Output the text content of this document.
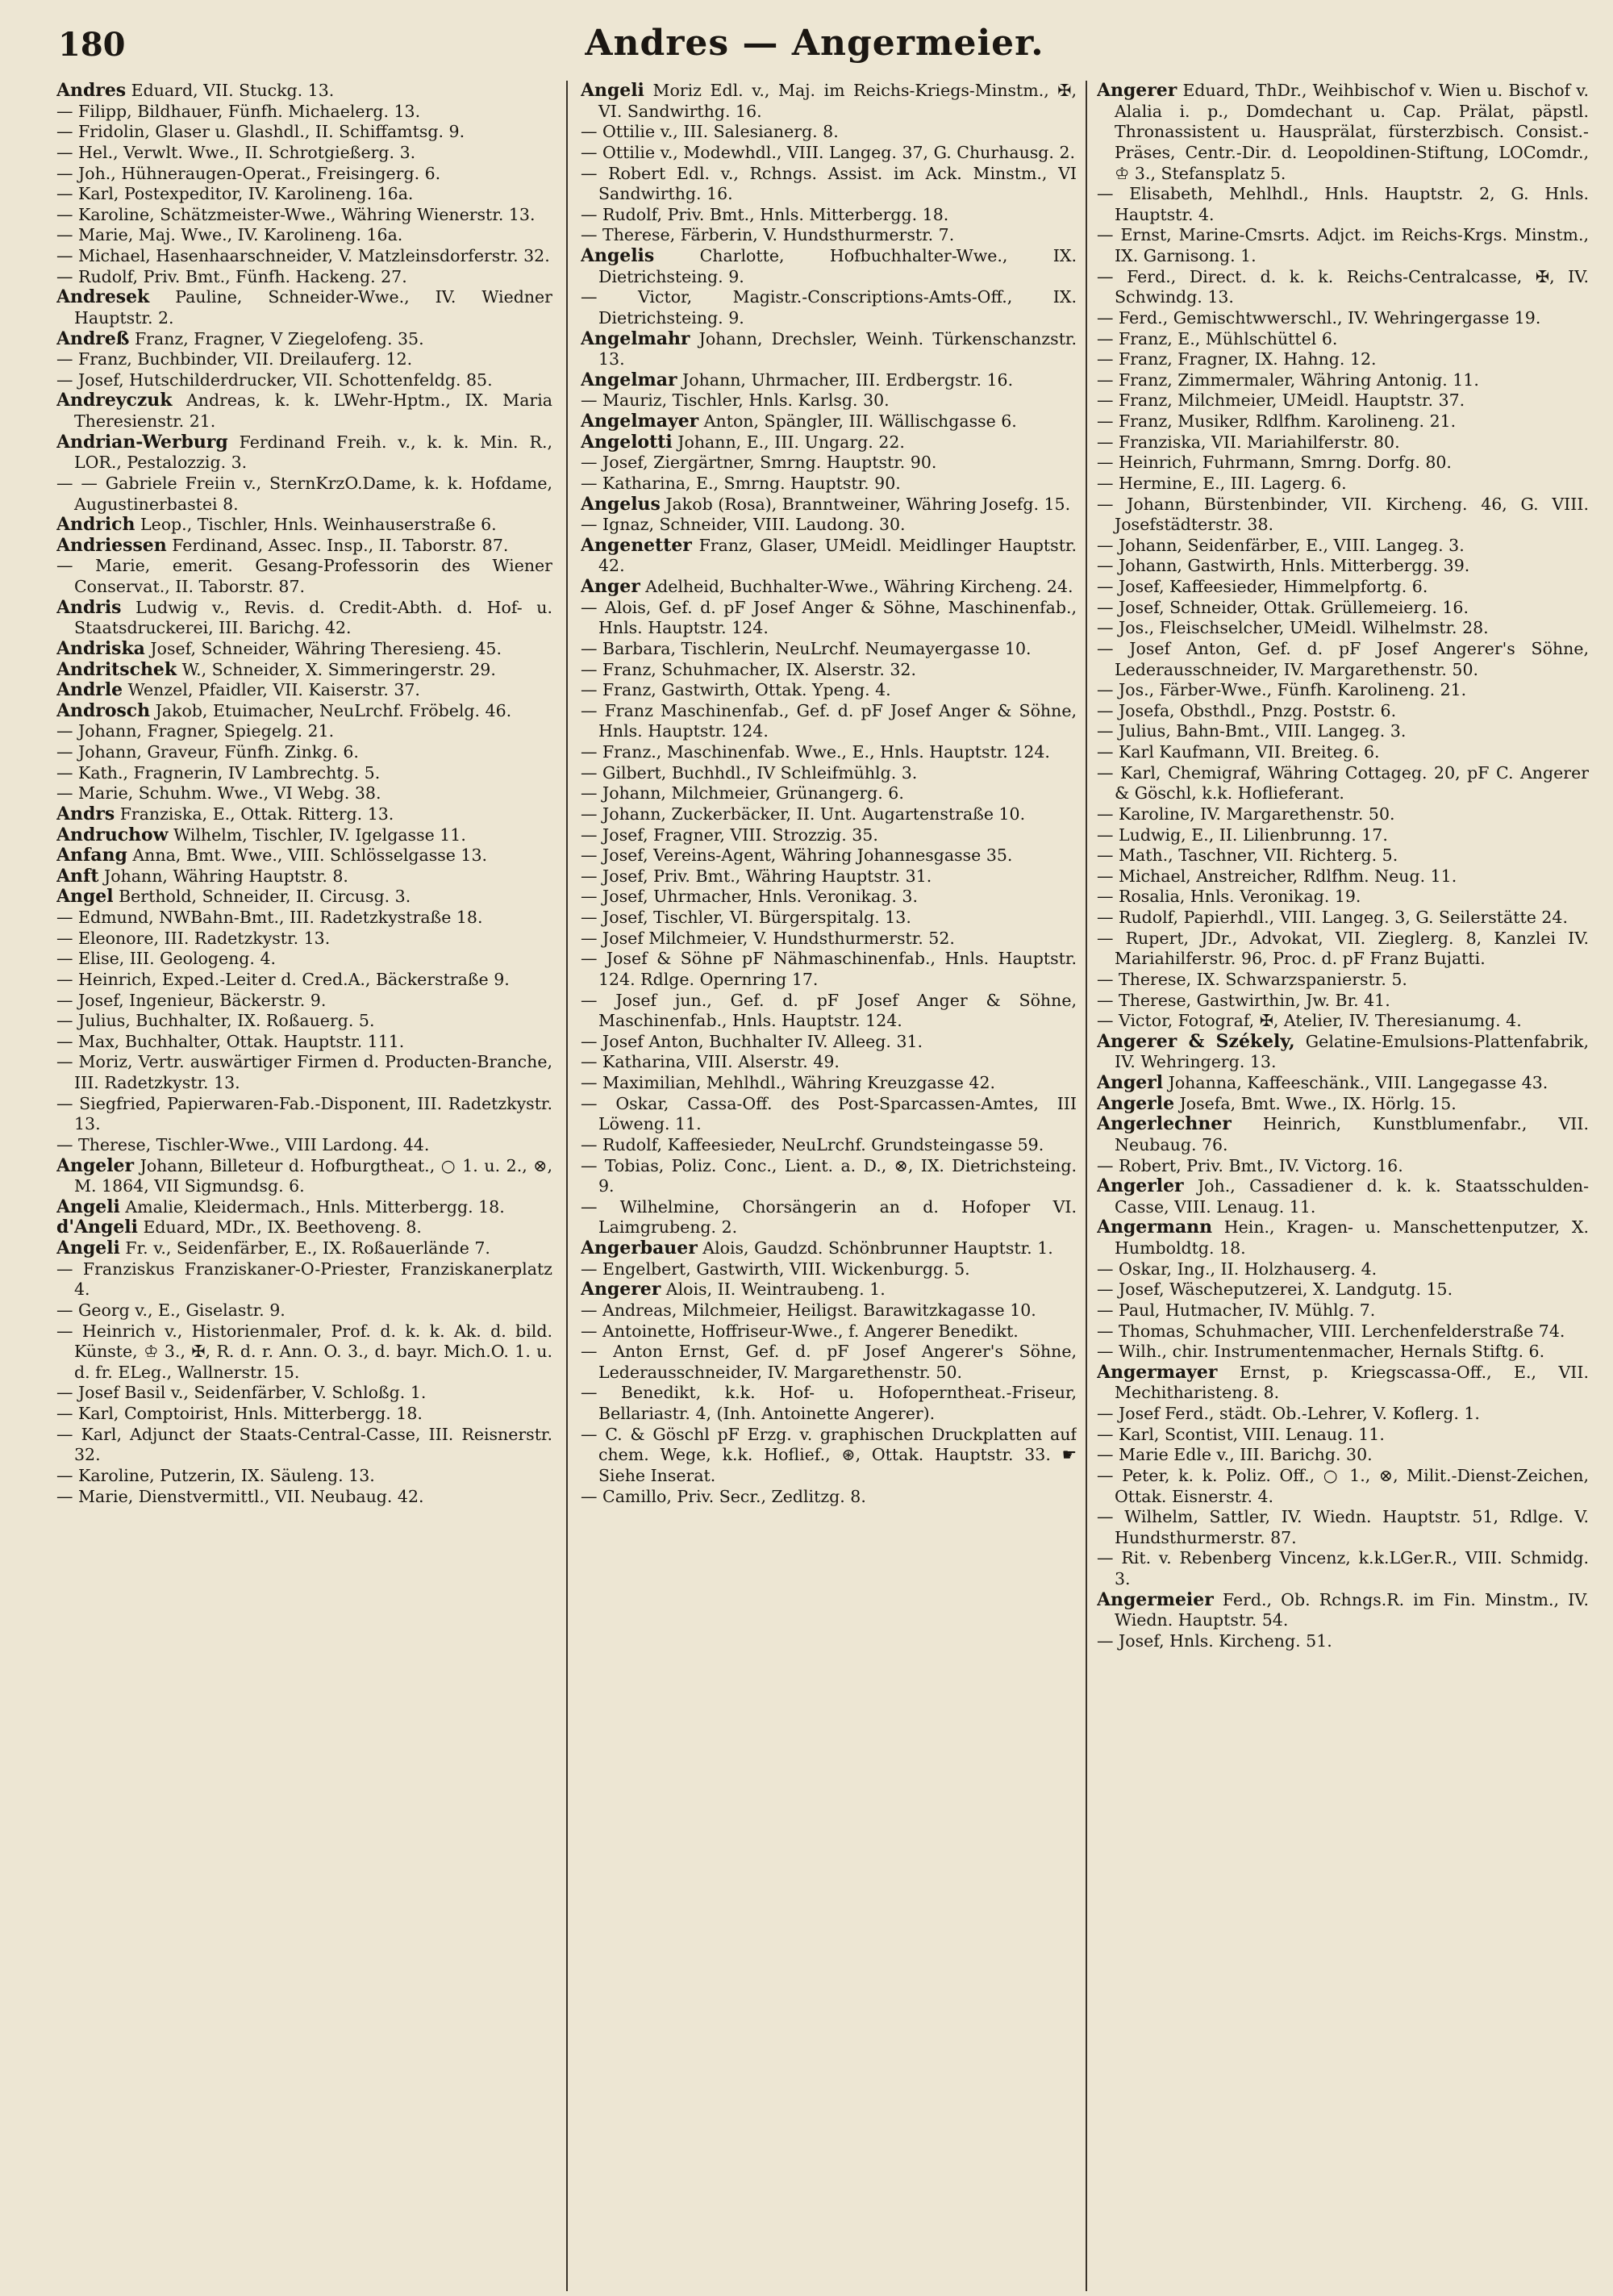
180	Andres — Angermeier.

Andres Eduard, VII. Stuckg. 13.

— Filipp, Bildhauer, Fünfh. Michaelerg. 13.

— Fridolin, Glaser u. Glashdl., II. Schiffamtsg. 9.

— Hel., Verwlt. Wwe., II. Schrotgießerg. 3.

— Joh., Hühneraugen-Operat., Freisingerg. 6.

— Karl, Postexpeditor, IV. Karolineng. 16a.

— Karoline, Schätzmeister-Wwe., Währing Wienerstr. 13.

— Marie, Maj. Wwe., IV. Karolineng. 16a.

— Michael, Hasenhaarschneider, V. Matzleinsdorferstr. 32.

— Rudolf, Priv. Bmt., Fünfh. Hackeng. 27.

Andresek Pauline, Schneider-Wwe., IV. Wiedner Hauptstr. 2.

Andreß Franz, Fragner, V Ziegelofeng. 35.

— Franz, Buchbinder, VII. Dreilauferg. 12.

— Josef, Hutschilderdrucker, VII. Schottenfeldg. 85.

Andreyczuk Andreas, k. k. LWehr-Hptm., IX. Maria Theresienstr. 21.

Andrian-Werburg Ferdinand Freih. v., k. k. Min. R., LOR., Pestalozzig. 3.

— — Gabriele Freiin v., SternKrzO.Dame, k. k. Hofdame, Augustinerbastei 8.

Andrich Leop., Tischler, Hnls. Weinhauserstraße 6.

Andriessen Ferdinand, Assec. Insp., II. Taborstr. 87.

— Marie, emerit. Gesang-Professorin des Wiener Conservat., II. Taborstr. 87.

Andris Ludwig v., Revis. d. Credit-Abth. d. Hof- u. Staatsdruckerei, III. Barichg. 42.

Andriska Josef, Schneider, Währing Theresieng. 45.

Andritschek W., Schneider, X. Simmeringerstr. 29.

Andrle Wenzel, Pfaidler, VII. Kaiserstr. 37.

Androsch Jakob, Etuimacher, NeuLrchf. Fröbelg. 46.

— Johann, Fragner, Spiegelg. 21.

— Johann, Graveur, Fünfh. Zinkg. 6.

— Kath., Fragnerin, IV Lambrechtg. 5.

— Marie, Schuhm. Wwe., VI Webg. 38.

Andrs Franziska, E., Ottak. Ritterg. 13.

Andruchow Wilhelm, Tischler, IV. Igelgasse 11.

Anfang Anna, Bmt. Wwe., VIII. Schlösselgasse 13.

Anft Johann, Währing Hauptstr. 8.

Angel Berthold, Schneider, II. Circusg. 3.

— Edmund, NWBahn-Bmt., III. Radetzkystraße 18.

— Eleonore, III. Radetzkystr. 13.

— Elise, III. Geologeng. 4.

— Heinrich, Exped.-Leiter d. Cred.A., Bäckerstraße 9.

— Josef, Ingenieur, Bäckerstr. 9.

— Julius, Buchhalter, IX. Roßauerg. 5.

— Max, Buchhalter, Ottak. Hauptstr. 111.

— Moriz, Vertr. auswärtiger Firmen d. Producten-Branche, III. Radetzkystr. 13.

— Siegfried, Papierwaren-Fab.-Disponent, III. Radetzkystr. 13.

— Therese, Tischler-Wwe., VIII Lardong. 44.

Angeler Johann, Billeteur d. Hofburgtheat., ○ 1. u. 2., ⊗, M. 1864, VII Sigmundsg. 6.

Angeli Amalie, Kleidermach., Hnls. Mitterbergg. 18.

d'Angeli Eduard, MDr., IX. Beethoveng. 8.

Angeli Fr. v., Seidenfärber, E., IX. Roßauerlände 7.

— Franziskus Franziskaner-O-Priester, Franziskanerplatz 4.

— Georg v., E., Giselastr. 9.

— Heinrich v., Historienmaler, Prof. d. k. k. Ak. d. bild. Künste, ♔ 3., ✠, R. d. r. Ann. O. 3., d. bayr. Mich.O. 1. u. d. fr. ELeg., Wallnerstr. 15.

— Josef Basil v., Seidenfärber, V. Schloßg. 1.

— Karl, Comptoirist, Hnls. Mitterbergg. 18.

— Karl, Adjunct der Staats-Central-Casse, III. Reisnerstr. 32.

— Karoline, Putzerin, IX. Säuleng. 13.

— Marie, Dienstvermittl., VII. Neubaug. 42.

Angeli Moriz Edl. v., Maj. im Reichs-Kriegs-Minstm., ✠, VI. Sandwirthg. 16.

— Ottilie v., III. Salesianerg. 8.

— Ottilie v., Modewhdl., VIII. Langeg. 37, G. Churhausg. 2.

— Robert Edl. v., Rchngs. Assist. im Ack. Minstm., VI Sandwirthg. 16.

— Rudolf, Priv. Bmt., Hnls. Mitterbergg. 18.

— Therese, Färberin, V. Hundsthurmerstr. 7.

Angelis Charlotte, Hofbuchhalter-Wwe., IX. Dietrichsteing. 9.

— Victor, Magistr.-Conscriptions-Amts-Off., IX. Dietrichsteing. 9.

Angelmahr Johann, Drechsler, Weinh. Türkenschanzstr. 13.

Angelmar Johann, Uhrmacher, III. Erdbergstr. 16.

— Mauriz, Tischler, Hnls. Karlsg. 30.

Angelmayer Anton, Spängler, III. Wällischgasse 6.

Angelotti Johann, E., III. Ungarg. 22.

— Josef, Ziergärtner, Smrng. Hauptstr. 90.

— Katharina, E., Smrng. Hauptstr. 90.

Angelus Jakob (Rosa), Branntweiner, Währing Josefg. 15.

— Ignaz, Schneider, VIII. Laudong. 30.

Angenetter Franz, Glaser, UMeidl. Meidlinger Hauptstr. 42.

Anger Adelheid, Buchhalter-Wwe., Währing Kircheng. 24.

— Alois, Gef. d. pF Josef Anger & Söhne, Maschinenfab., Hnls. Hauptstr. 124.

— Barbara, Tischlerin, NeuLrchf. Neumayergasse 10.

— Franz, Schuhmacher, IX. Alserstr. 32.

— Franz, Gastwirth, Ottak. Ypeng. 4.

— Franz Maschinenfab., Gef. d. pF Josef Anger & Söhne, Hnls. Hauptstr. 124.

— Franz., Maschinenfab. Wwe., E., Hnls. Hauptstr. 124.

— Gilbert, Buchhdl., IV Schleifmühlg. 3.

— Johann, Milchmeier, Grünangerg. 6.

— Johann, Zuckerbäcker, II. Unt. Augartenstraße 10.

— Josef, Fragner, VIII. Strozzig. 35.

— Josef, Vereins-Agent, Währing Johannesgasse 35.

— Josef, Priv. Bmt., Währing Hauptstr. 31.

— Josef, Uhrmacher, Hnls. Veronikag. 3.

— Josef, Tischler, VI. Bürgerspitalg. 13.

— Josef Milchmeier, V. Hundsthurmerstr. 52.

— Josef & Söhne pF Nähmaschinenfab., Hnls. Hauptstr. 124. Rdlge. Opernring 17.

— Josef jun., Gef. d. pF Josef Anger & Söhne, Maschinenfab., Hnls. Hauptstr. 124.

— Josef Anton, Buchhalter IV. Alleeg. 31.

— Katharina, VIII. Alserstr. 49.

— Maximilian, Mehlhdl., Währing Kreuzgasse 42.

— Oskar, Cassa-Off. des Post-Sparcassen-Amtes, III Löweng. 11.

— Rudolf, Kaffeesieder, NeuLrchf. Grundsteingasse 59.

— Tobias, Poliz. Conc., Lient. a. D., ⊗, IX. Dietrichsteing. 9.

— Wilhelmine, Chorsängerin an d. Hofoper VI. Laimgrubeng. 2.

Angerbauer Alois, Gaudzd. Schönbrunner Hauptstr. 1.

— Engelbert, Gastwirth, VIII. Wickenburgg. 5.

Angerer Alois, II. Weintraubeng. 1.

— Andreas, Milchmeier, Heiligst. Barawitzkagasse 10.

— Antoinette, Hoffriseur-Wwe., f. Angerer Benedikt.

— Anton Ernst, Gef. d. pF Josef Angerer's Söhne, Lederausschneider, IV. Margarethenstr. 50.

— Benedikt, k.k. Hof- u. Hofoperntheat.-Friseur, Bellariastr. 4, (Inh. Antoinette Angerer).

— C. & Göschl pF Erzg. v. graphischen Druckplatten auf chem. Wege, k.k. Hoflief., ⊛, Ottak. Hauptstr. 33. ☛ Siehe Inserat.

— Camillo, Priv. Secr., Zedlitzg. 8.

Angerer Eduard, ThDr., Weihbischof v. Wien u. Bischof v. Alalia i. p., Domdechant u. Cap. Prälat, päpstl. Thronassistent u. Hausprälat, fürsterzbisch. Consist.-Präses, Centr.-Dir. d. Leopoldinen-Stiftung, LOComdr., ♔ 3., Stefansplatz 5.

— Elisabeth, Mehlhdl., Hnls. Hauptstr. 2, G. Hnls. Hauptstr. 4.

— Ernst, Marine-Cmsrts. Adjct. im Reichs-Krgs. Minstm., IX. Garnisong. 1.

— Ferd., Direct. d. k. k. Reichs-Centralcasse, ✠, IV. Schwindg. 13.

— Ferd., Gemischtwwerschl., IV. Wehringergasse 19.

— Franz, E., Mühlschüttel 6.

— Franz, Fragner, IX. Hahng. 12.

— Franz, Zimmermaler, Währing Antonig. 11.

— Franz, Milchmeier, UMeidl. Hauptstr. 37.

— Franz, Musiker, Rdlfhm. Karolineng. 21.

— Franziska, VII. Mariahilferstr. 80.

— Heinrich, Fuhrmann, Smrng. Dorfg. 80.

— Hermine, E., III. Lagerg. 6.

— Johann, Bürstenbinder, VII. Kircheng. 46, G. VIII. Josefstädterstr. 38.

— Johann, Seidenfärber, E., VIII. Langeg. 3.

— Johann, Gastwirth, Hnls. Mitterbergg. 39.

— Josef, Kaffeesieder, Himmelpfortg. 6.

— Josef, Schneider, Ottak. Grüllemeierg. 16.

— Jos., Fleischselcher, UMeidl. Wilhelmstr. 28.

— Josef Anton, Gef. d. pF Josef Angerer's Söhne, Lederausschneider, IV. Margarethenstr. 50.

— Jos., Färber-Wwe., Fünfh. Karolineng. 21.

— Josefa, Obsthdl., Pnzg. Poststr. 6.

— Julius, Bahn-Bmt., VIII. Langeg. 3.

— Karl Kaufmann, VII. Breiteg. 6.

— Karl, Chemigraf, Währing Cottageg. 20, pF C. Angerer & Göschl, k.k. Hoflieferant.

— Karoline, IV. Margarethenstr. 50.

— Ludwig, E., II. Lilienbrunng. 17.

— Math., Taschner, VII. Richterg. 5.

— Michael, Anstreicher, Rdlfhm. Neug. 11.

— Rosalia, Hnls. Veronikag. 19.

— Rudolf, Papierhdl., VIII. Langeg. 3, G. Seilerstätte 24.

— Rupert, JDr., Advokat, VII. Zieglerg. 8, Kanzlei IV. Mariahilferstr. 96, Proc. d. pF Franz Bujatti.

— Therese, IX. Schwarzspanierstr. 5.

— Therese, Gastwirthin, Jw. Br. 41.

— Victor, Fotograf, ✠, Atelier, IV. Theresianumg. 4.

Angerer & Székely, Gelatine-Emulsions-Plattenfabrik, IV. Wehringerg. 13.

Angerl Johanna, Kaffeeschänk., VIII. Langegasse 43.

Angerle Josefa, Bmt. Wwe., IX. Hörlg. 15.

Angerlechner Heinrich, Kunstblumenfabr., VII. Neubaug. 76.

— Robert, Priv. Bmt., IV. Victorg. 16.

Angerler Joh., Cassadiener d. k. k. Staatsschulden-Casse, VIII. Lenaug. 11.

Angermann Hein., Kragen- u. Manschettenputzer, X. Humboldtg. 18.

— Oskar, Ing., II. Holzhauserg. 4.

— Josef, Wäscheputzerei, X. Landgutg. 15.

— Paul, Hutmacher, IV. Mühlg. 7.

— Thomas, Schuhmacher, VIII. Lerchenfelderstraße 74.

— Wilh., chir. Instrumentenmacher, Hernals Stiftg. 6.

Angermayer Ernst, p. Kriegscassa-Off., E., VII. Mechitharisteng. 8.

— Josef Ferd., städt. Ob.-Lehrer, V. Koflerg. 1.

— Karl, Scontist, VIII. Lenaug. 11.

— Marie Edle v., III. Barichg. 30.

— Peter, k. k. Poliz. Off., ○ 1., ⊗, Milit.-Dienst-Zeichen, Ottak. Eisnerstr. 4.

— Wilhelm, Sattler, IV. Wiedn. Hauptstr. 51, Rdlge. V. Hundsthurmerstr. 87.

— Rit. v. Rebenberg Vincenz, k.k.LGer.R., VIII. Schmidg. 3.

Angermeier Ferd., Ob. Rchngs.R. im Fin. Minstm., IV. Wiedn. Hauptstr. 54.

— Josef, Hnls. Kircheng. 51.
